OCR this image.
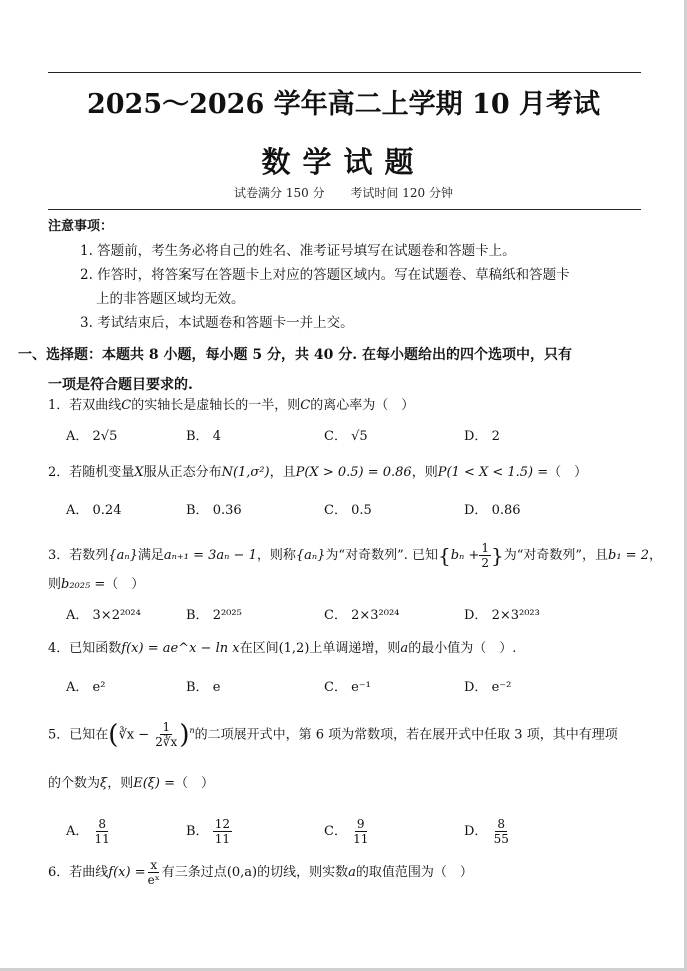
2025～2026 学年高二上学期 10 月考试
数学试题
试卷满分 150 分 考试时间 120 分钟
注意事项：
1. 答题前，考生务必将自己的姓名、准考证号填写在试题卷和答题卡上。
2. 作答时，将答案写在答题卡上对应的答题区域内。写在试题卷、草稿纸和答题卡
上的非答题区域均无效。
3. 考试结束后，本试题卷和答题卡一并上交。
一、选择题：本题共 8 小题，每小题 5 分，共 40 分. 在每小题给出的四个选项中，只有
一项是符合题目要求的.
1．若双曲线C的实轴长是虚轴长的一半，则C的离心率为（　）
A． 2√5	B． 4	C． √5	D． 2
2．若随机变量X服从正态分布N(1,σ²)，且P(X > 0.5) = 0.86，则P(1 < X < 1.5) =（　）
A． 0.24	B． 0.36	C． 0.5	D． 0.86
3．若数列{aₙ}满足aₙ₊₁ = 3aₙ − 1，则称{aₙ}为“对奇数列”. 已知{$b_n + \frac{1}{2}$ }为“对奇数列”，且b₁ = 2，
则b₂₀₂₅ =（　）
A． 3×2²⁰²⁴	B． 2²⁰²⁵	C． 2×3²⁰²⁴	D． 2×3²⁰²³
4．已知函数f(x) = ae^x − ln x在区间(1,2)上单调递增，则a的最小值为（　）.
A． e²	B． e	C． e⁻¹	D． e⁻²
5．已知在(∛x − $\frac{1}{2∛x} )^n$的二项展开式中，第 6 项为常数项，若在展开式中任取 3 项，其中有理项
的个数为ξ，则E(ξ) =（　）
A． $\frac{8}{11}$	B． $\frac{12}{11}$	C． $\frac{9}{11}$	D． $\frac{8}{55}$
6．若曲线$f(x) = \frac{x}{\text{eˣ}}$ 有三条过点(0,a)的切线，则实数a的取值范围为（　）
